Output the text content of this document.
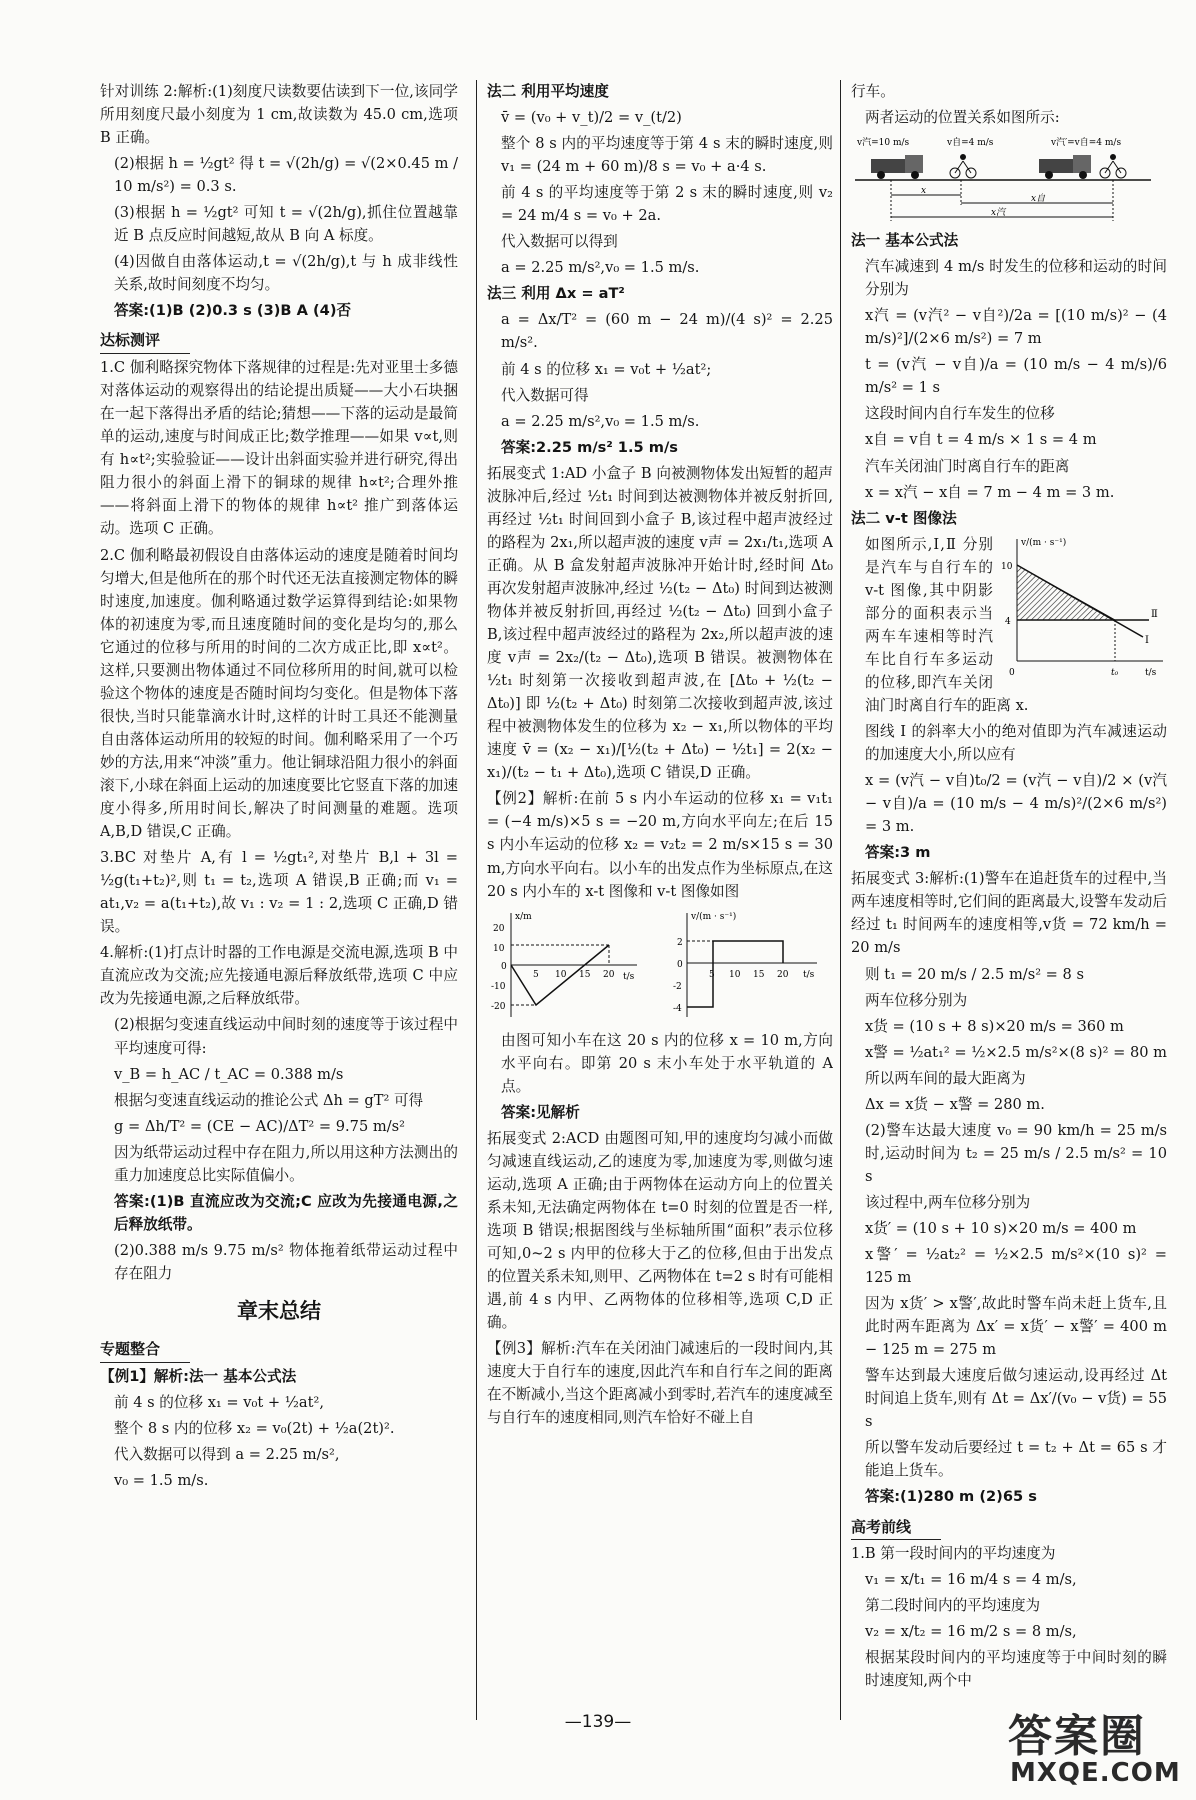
针对训练 2:解析:(1)刻度尺读数要估读到下一位,该同学所用刻度尺最小刻度为 1 cm,故读数为 45.0 cm,选项 B 正确。

(2)根据 h = ½gt² 得 t = √(2h/g) = √(2×0.45 m / 10 m/s²) = 0.3 s.

(3)根据 h = ½gt² 可知 t = √(2h/g),抓住位置越靠近 B 点反应时间越短,故从 B 向 A 标度。

(4)因做自由落体运动,t = √(2h/g),t 与 h 成非线性关系,故时间刻度不均匀。

答案:(1)B (2)0.3 s (3)B A (4)否

达标测评

1.C 伽利略探究物体下落规律的过程是:先对亚里士多德对落体运动的观察得出的结论提出质疑——大小石块捆在一起下落得出矛盾的结论;猜想——下落的运动是最简单的运动,速度与时间成正比;数学推理——如果 v∝t,则有 h∝t²;实验验证——设计出斜面实验并进行研究,得出阻力很小的斜面上滑下的铜球的规律 h∝t²;合理外推——将斜面上滑下的物体的规律 h∝t² 推广到落体运动。选项 C 正确。

2.C 伽利略最初假设自由落体运动的速度是随着时间均匀增大,但是他所在的那个时代还无法直接测定物体的瞬时速度,加速度。伽利略通过数学运算得到结论:如果物体的初速度为零,而且速度随时间的变化是均匀的,那么它通过的位移与所用的时间的二次方成正比,即 x∝t²。这样,只要测出物体通过不同位移所用的时间,就可以检验这个物体的速度是否随时间均匀变化。但是物体下落很快,当时只能靠滴水计时,这样的计时工具还不能测量自由落体运动所用的较短的时间。伽利略采用了一个巧妙的方法,用来“冲淡”重力。他让铜球沿阻力很小的斜面滚下,小球在斜面上运动的加速度要比它竖直下落的加速度小得多,所用时间长,解决了时间测量的难题。选项 A,B,D 错误,C 正确。

3.BC 对垫片 A,有 l = ½gt₁²,对垫片 B,l + 3l = ½g(t₁+t₂)²,则 t₁ = t₂,选项 A 错误,B 正确;而 v₁ = at₁,v₂ = a(t₁+t₂),故 v₁ : v₂ = 1 : 2,选项 C 正确,D 错误。

4.解析:(1)打点计时器的工作电源是交流电源,选项 B 中直流应改为交流;应先接通电源后释放纸带,选项 C 中应改为先接通电源,之后释放纸带。

(2)根据匀变速直线运动中间时刻的速度等于该过程中平均速度可得:

v_B = h_AC / t_AC = 0.388 m/s

根据匀变速直线运动的推论公式 Δh = gT² 可得

g = Δh/T² = (CE − AC)/ΔT² = 9.75 m/s²

因为纸带运动过程中存在阻力,所以用这种方法测出的重力加速度总比实际值偏小。

答案:(1)B 直流应改为交流;C 应改为先接通电源,之后释放纸带。

(2)0.388 m/s 9.75 m/s² 物体拖着纸带运动过程中存在阻力

章末总结
专题整合

【例1】解析:法一 基本公式法

前 4 s 的位移 x₁ = v₀t + ½at²,

整个 8 s 内的位移 x₂ = v₀(2t) + ½a(2t)².

代入数据可以得到 a = 2.25 m/s²,

v₀ = 1.5 m/s.

法二 利用平均速度

v̄ = (v₀ + v_t)/2 = v_(t/2)

整个 8 s 内的平均速度等于第 4 s 末的瞬时速度,则 v₁ = (24 m + 60 m)/8 s = v₀ + a·4 s.

前 4 s 的平均速度等于第 2 s 末的瞬时速度,则 v₂ = 24 m/4 s = v₀ + 2a.

代入数据可以得到

a = 2.25 m/s²,v₀ = 1.5 m/s.

法三 利用 Δx = aT²

a = Δx/T² = (60 m − 24 m)/(4 s)² = 2.25 m/s².

前 4 s 的位移 x₁ = v₀t + ½at²;

代入数据可得

a = 2.25 m/s²,v₀ = 1.5 m/s.

答案:2.25 m/s² 1.5 m/s

拓展变式 1:AD 小盒子 B 向被测物体发出短暂的超声波脉冲后,经过 ½t₁ 时间到达被测物体并被反射折回,再经过 ½t₁ 时间回到小盒子 B,该过程中超声波经过的路程为 2x₁,所以超声波的速度 v声 = 2x₁/t₁,选项 A 正确。从 B 盒发射超声波脉冲开始计时,经时间 Δt₀ 再次发射超声波脉冲,经过 ½(t₂ − Δt₀) 时间到达被测物体并被反射折回,再经过 ½(t₂ − Δt₀) 回到小盒子 B,该过程中超声波经过的路程为 2x₂,所以超声波的速度 v声 = 2x₂/(t₂ − Δt₀),选项 B 错误。被测物体在 ½t₁ 时刻第一次接收到超声波,在 [Δt₀ + ½(t₂ − Δt₀)] 即 ½(t₂ + Δt₀) 时刻第二次接收到超声波,该过程中被测物体发生的位移为 x₂ − x₁,所以物体的平均速度 v̄ = (x₂ − x₁)/[½(t₂ + Δt₀) − ½t₁] = 2(x₂ − x₁)/(t₂ − t₁ + Δt₀),选项 C 错误,D 正确。

【例2】解析:在前 5 s 内小车运动的位移 x₁ = v₁t₁ = (−4 m/s)×5 s = −20 m,方向水平向左;在后 15 s 内小车运动的位移 x₂ = v₂t₂ = 2 m/s×15 s = 30 m,方向水平向右。以小车的出发点作为坐标原点,在这 20 s 内小车的 x-t 图像和 v-t 图像如图

x/m
t/s
20
10
0
-10
-20
5 10 15 20
v/(m · s⁻¹)
t/s
2
0
-2
-4
5 10 15 20

由图可知小车在这 20 s 内的位移 x = 10 m,方向水平向右。即第 20 s 末小车处于水平轨道的 A 点。

答案:见解析

拓展变式 2:ACD 由题图可知,甲的速度均匀减小而做匀减速直线运动,乙的速度为零,加速度为零,则做匀速运动,选项 A 正确;由于两物体在运动方向上的位置关系未知,无法确定两物体在 t=0 时刻的位置是否一样,选项 B 错误;根据图线与坐标轴所围“面积”表示位移可知,0~2 s 内甲的位移大于乙的位移,但由于出发点的位置关系未知,则甲、乙两物体在 t=2 s 时有可能相遇,前 4 s 内甲、乙两物体的位移相等,选项 C,D 正确。

【例3】解析:汽车在关闭油门减速后的一段时间内,其速度大于自行车的速度,因此汽车和自行车之间的距离在不断减小,当这个距离减小到零时,若汽车的速度减至与自行车的速度相同,则汽车恰好不碰上自

行车。

两者运动的位置关系如图所示:

v汽=10 m/s	v自=4 m/s	v汽′=v自=4 m/s
x
x自
x汽

法一 基本公式法

汽车减速到 4 m/s 时发生的位移和运动的时间分别为

x汽 = (v汽² − v自²)/2a = [(10 m/s)² − (4 m/s)²]/(2×6 m/s²) = 7 m

t = (v汽 − v自)/a = (10 m/s − 4 m/s)/6 m/s² = 1 s

这段时间内自行车发生的位移

x自 = v自 t = 4 m/s × 1 s = 4 m

汽车关闭油门时离自行车的距离

x = x汽 − x自 = 7 m − 4 m = 3 m.

法二 v-t 图像法

v/(m · s⁻¹)
t/s
10
4
0	t₀
Ⅰ
Ⅱ

如图所示,Ⅰ,Ⅱ 分别是汽车与自行车的 v-t 图像,其中阴影部分的面积表示当两车车速相等时汽车比自行车多运动的位移,即汽车关闭油门时离自行车的距离 x.

图线 Ⅰ 的斜率大小的绝对值即为汽车减速运动的加速度大小,所以应有

x = (v汽 − v自)t₀/2 = (v汽 − v自)/2 × (v汽 − v自)/a = (10 m/s − 4 m/s)²/(2×6 m/s²) = 3 m.

答案:3 m

拓展变式 3:解析:(1)警车在追赶货车的过程中,当两车速度相等时,它们间的距离最大,设警车发动后经过 t₁ 时间两车的速度相等,v货 = 72 km/h = 20 m/s

则 t₁ = 20 m/s / 2.5 m/s² = 8 s

两车位移分别为

x货 = (10 s + 8 s)×20 m/s = 360 m

x警 = ½at₁² = ½×2.5 m/s²×(8 s)² = 80 m

所以两车间的最大距离为

Δx = x货 − x警 = 280 m.

(2)警车达最大速度 v₀ = 90 km/h = 25 m/s 时,运动时间为 t₂ = 25 m/s / 2.5 m/s² = 10 s

该过程中,两车位移分别为

x货′ = (10 s + 10 s)×20 m/s = 400 m

x警′ = ½at₂² = ½×2.5 m/s²×(10 s)² = 125 m

因为 x货′ > x警′,故此时警车尚未赶上货车,且此时两车距离为 Δx′ = x货′ − x警′ = 400 m − 125 m = 275 m

警车达到最大速度后做匀速运动,设再经过 Δt 时间追上货车,则有 Δt = Δx′/(v₀ − v货) = 55 s

所以警车发动后要经过 t = t₂ + Δt = 65 s 才能追上货车。

答案:(1)280 m (2)65 s

高考前线

1.B 第一段时间内的平均速度为

v₁ = x/t₁ = 16 m/4 s = 4 m/s,

第二段时间内的平均速度为

v₂ = x/t₂ = 16 m/2 s = 8 m/s,

根据某段时间内的平均速度等于中间时刻的瞬时速度知,两个中

—139—	答案圈
MXQE.COM
